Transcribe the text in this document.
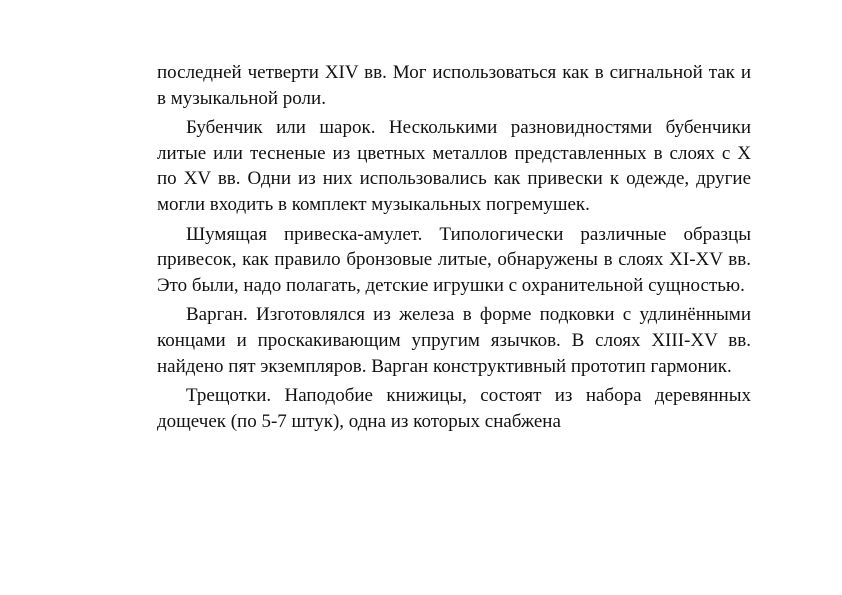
последней четверти XIV вв. Мог использоваться как в сигнальной так и в музыкальной роли.

Бубенчик или шарок. Несколькими разновидностями бубенчики литые или тесненые из цветных металлов представленных в слоях с Х по XV вв. Одни из них использовались как привески к одежде, другие могли входить в комплект музыкальных погремушек.

Шумящая привеска-амулет. Типологически различные образцы привесок, как правило бронзовые литые, обнаружены в слоях XI-XV вв. Это были, надо полагать, детские игрушки с охранительной сущностью.

Варган. Изготовлялся из железа в форме подковки с удлинёнными концами и проскакивающим упругим язычков. В слоях XIII-XV вв. найдено пят экземпляров. Варган конструктивный прототип гармоник.

Трещотки. Наподобие книжицы, состоят из набора деревянных дощечек (по 5-7 штук), одна из которых снабжена
